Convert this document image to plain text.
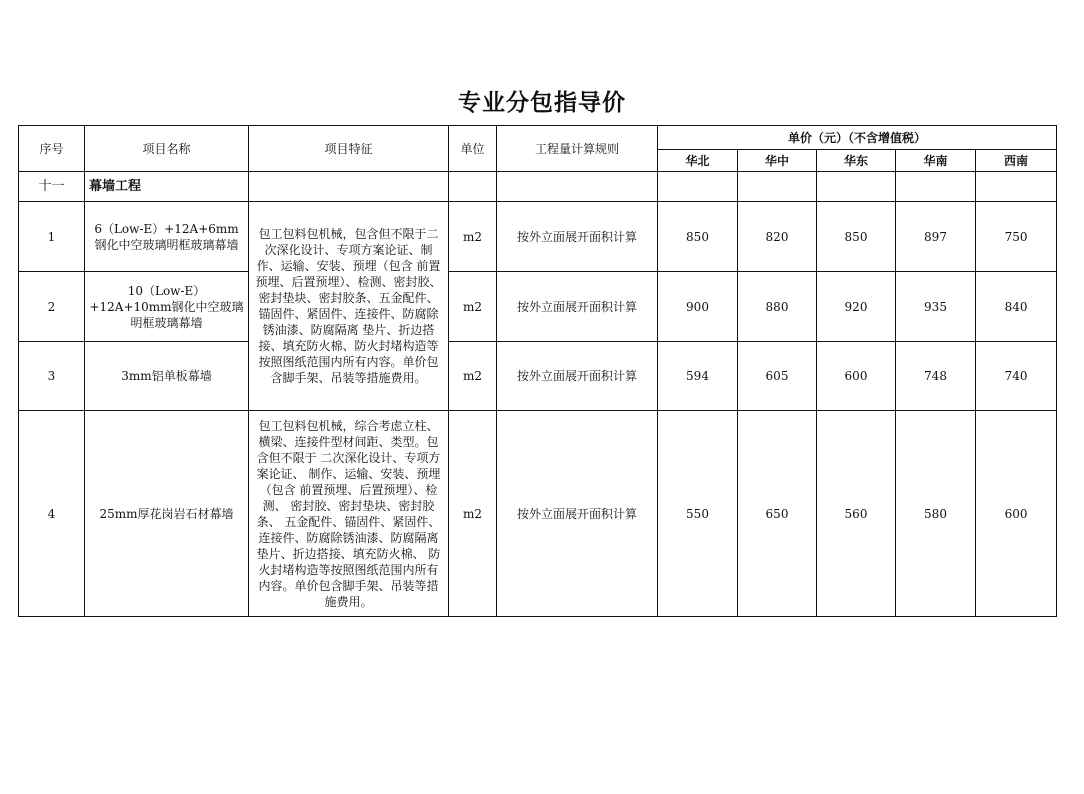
专业分包指导价
序号	项目名称	项目特征	单位	工程量计算规则	单价（元）（不含增值税）				
					华北	华中	华东	华南	西南
十一	幕墙工程								
1	6（Low-E）+12A+6mm钢化中空玻璃明框玻璃幕墙	包工包料包机械，包含但不限于二次深化设计、专项方案论证、制作、运输、安装、预埋（包含 前置预埋、后置预埋）、检测、密封胶、密封垫块、密封胶条、五金配件、锚固件、紧固件、连接件、防腐除锈油漆、防腐隔离 垫片、折边搭接、填充防火棉、防火封堵构造等按照图纸范围内所有内容。单价包含脚手架、吊装等措施费用。	m2	按外立面展开面积计算	850	820	850	897	750
2	10（Low-E）+12A+10mm钢化中空玻璃明框玻璃幕墙		m2	按外立面展开面积计算	900	880	920	935	840
3	3mm铝单板幕墙		m2	按外立面展开面积计算	594	605	600	748	740
4	25mm厚花岗岩石材幕墙	包工包料包机械，综合考虑立柱、横梁、连接件型材间距、类型。包含但不限于 二次深化设计、专项方案论证、 制作、运输、安装、预埋（包含 前置预埋、后置预埋）、检测、 密封胶、密封垫块、密封胶条、 五金配件、锚固件、紧固件、连接件、防腐除锈油漆、防腐隔离 垫片、折边搭接、填充防火棉、 防火封堵构造等按照图纸范围内所有内容。单价包含脚手架、吊装等措施费用。	m2	按外立面展开面积计算	550	650	560	580	600
